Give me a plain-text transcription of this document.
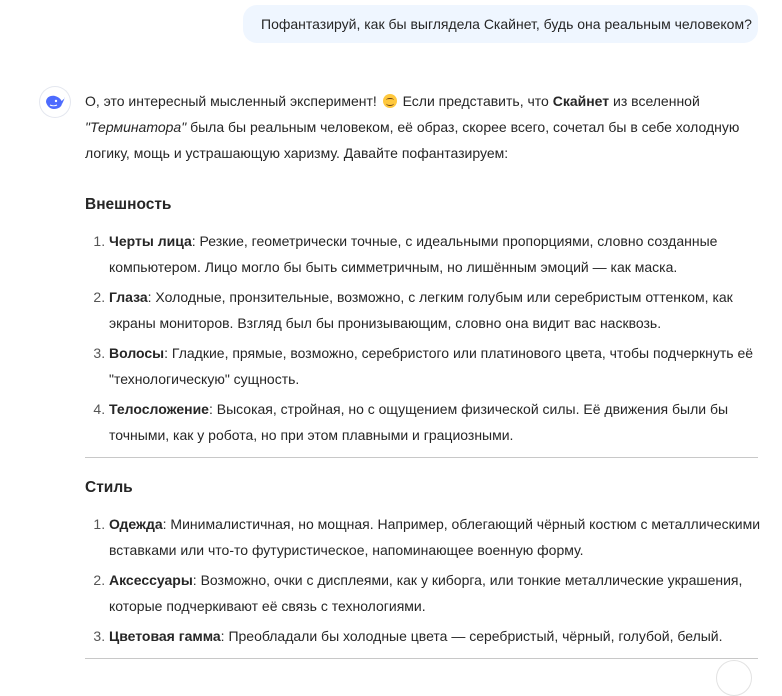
Пофантазируй, как бы выглядела Скайнет, будь она реальным человеком?

О, это интересный мысленный эксперимент!  Если представить, что Скайнет из вселенной "Терминатора" была бы реальным человеком, её образ, скорее всего, сочетал бы в себе холодную логику, мощь и устрашающую харизму. Давайте пофантазируем:

Внешность
1. Черты лица: Резкие, геометрически точные, с идеальными пропорциями, словно созданные компьютером. Лицо могло бы быть симметричным, но лишённым эмоций — как маска.
2. Глаза: Холодные, пронзительные, возможно, с легким голубым или серебристым оттенком, как экраны мониторов. Взгляд был бы пронизывающим, словно она видит вас насквозь.
3. Волосы: Гладкие, прямые, возможно, серебристого или платинового цвета, чтобы подчеркнуть её "технологическую" сущность.
4. Телосложение: Высокая, стройная, но с ощущением физической силы. Её движения были бы точными, как у робота, но при этом плавными и грациозными.
Стиль
1. Одежда: Минималистичная, но мощная. Например, облегающий чёрный костюм с металлическими вставками или что-то футуристическое, напоминающее военную форму.
2. Аксессуары: Возможно, очки с дисплеями, как у киборга, или тонкие металлические украшения, которые подчеркивают её связь с технологиями.
3. Цветовая гамма: Преобладали бы холодные цвета — серебристый, чёрный, голубой, белый.
